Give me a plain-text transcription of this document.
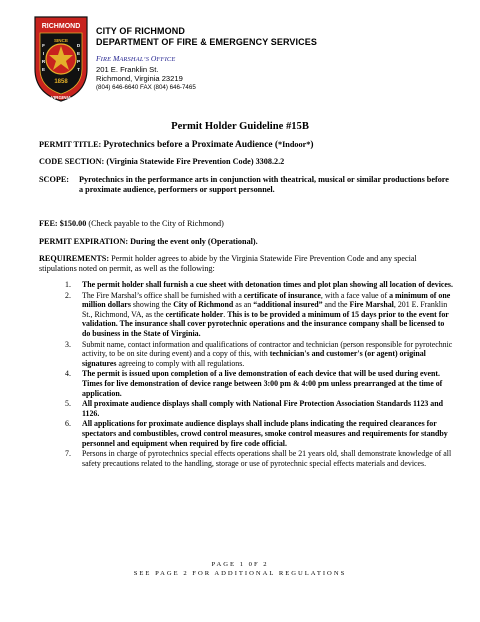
RICHMOND
SINCE
1858
VIRGINIA
F
I
R
E
D
E
P
T
CITY OF RICHMOND
DEPARTMENT OF FIRE & EMERGENCY SERVICES
FIRE MARSHAL’S OFFICE
201 E. Franklin St.
Richmond, Virginia 23219
(804) 646-6640 FAX (804) 646-7465
Permit Holder Guideline #15B
PERMIT TITLE: Pyrotechnics before a Proximate Audience (*Indoor*)
CODE SECTION: (Virginia Statewide Fire Prevention Code) 3308.2.2
SCOPE:	Pyrotechnics in the performance arts in conjunction with theatrical, musical or similar productions before a proximate audience, performers or support personnel.
FEE: $150.00 (Check payable to the City of Richmond)
PERMIT EXPIRATION: During the event only (Operational).
REQUIREMENTS: Permit holder agrees to abide by the Virginia Statewide Fire Prevention Code and any special stipulations noted on permit, as well as the following:
1.	The permit holder shall furnish a cue sheet with detonation times and plot plan showing all location of devices.
2.	The Fire Marshal’s office shall be furnished with a certificate of insurance, with a face value of a minimum of one million dollars showing the City of Richmond as an “additional insured” and the Fire Marshal, 201 E. Franklin St., Richmond, VA, as the certificate holder. This is to be provided a minimum of 15 days prior to the event for validation. The insurance shall cover pyrotechnic operations and the insurance company shall be licensed to do business in the State of Virginia.
3.	Submit name, contact information and qualifications of contractor and technician (person responsible for pyrotechnic activity, to be on site during event) and a copy of this, with technician's and customer's (or agent) original signatures agreeing to comply with all regulations.
4.	The permit is issued upon completion of a live demonstration of each device that will be used during event. Times for live demonstration of device range between 3:00 pm & 4:00 pm unless prearranged at the time of application.
5.	All proximate audience displays shall comply with National Fire Protection Association Standards 1123 and 1126.
6.	All applications for proximate audience displays shall include plans indicating the required clearances for spectators and combustibles, crowd control measures, smoke control measures and requirements for standby personnel and equipment when required by fire code official.
7.	Persons in charge of pyrotechnics special effects operations shall be 21 years old, shall demonstrate knowledge of all safety precautions related to the handling, storage or use of pyrotechnic special effects materials and devices.
PAGE 1 0F 2
SEE PAGE 2 FOR ADDITIONAL REGULATIONS
